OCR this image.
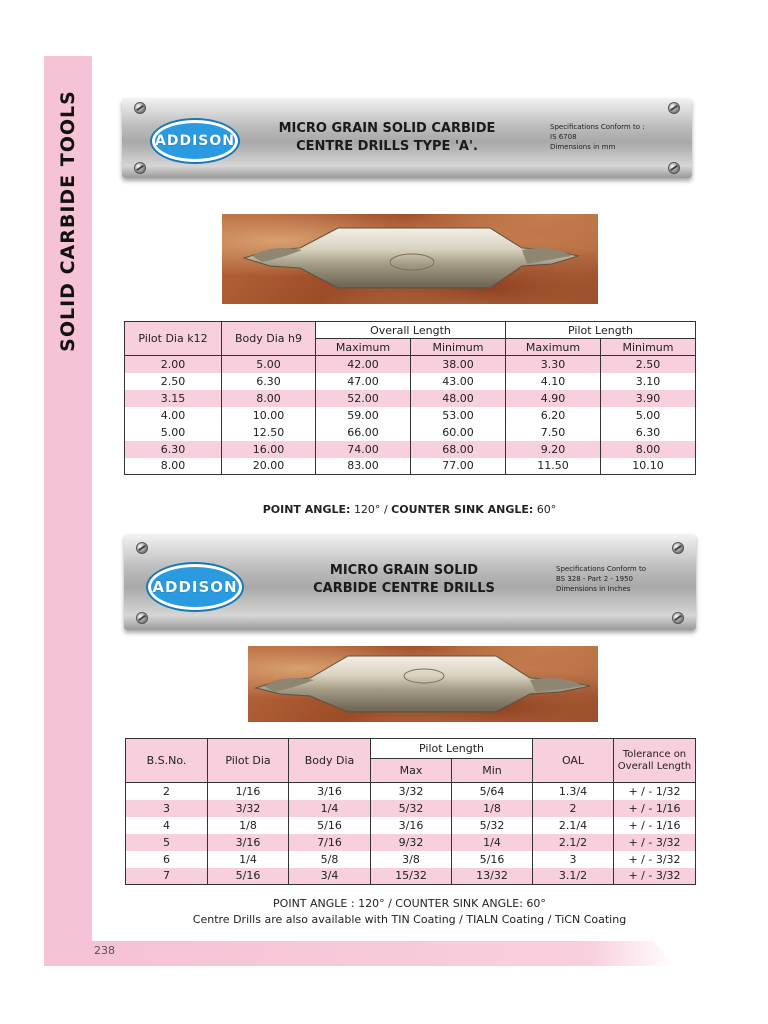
SOLID CARBIDE TOOLS
238
ADDISON
MICRO GRAIN SOLID CARBIDE
CENTRE DRILLS TYPE 'A'.
Specifications Conform to :
IS 6708
Dimensions in mm
Pilot Dia k12	Body Dia h9	Overall Length		Pilot Length	
		Maximum	Minimum	Maximum	Minimum
2.00	5.00	42.00	38.00	3.30	2.50
2.50	6.30	47.00	43.00	4.10	3.10
3.15	8.00	52.00	48.00	4.90	3.90
4.00	10.00	59.00	53.00	6.20	5.00
5.00	12.50	66.00	60.00	7.50	6.30
6.30	16.00	74.00	68.00	9.20	8.00
8.00	20.00	83.00	77.00	11.50	10.10
POINT ANGLE: 120° / COUNTER SINK ANGLE: 60°
ADDISON
MICRO GRAIN SOLID
CARBIDE CENTRE DRILLS
Specifications Conform to
BS 328 - Part 2 - 1950
Dimensions in Inches
B.S.No.	Pilot Dia	Body Dia	Pilot Length		OAL	Tolerance on Overall Length
			Max	Min		
2	1/16	3/16	3/32	5/64	1.3/4	+ / - 1/32
3	3/32	1/4	5/32	1/8	2	+ / - 1/16
4	1/8	5/16	3/16	5/32	2.1/4	+ / - 1/16
5	3/16	7/16	9/32	1/4	2.1/2	+ / - 3/32
6	1/4	5/8	3/8	5/16	3	+ / - 3/32
7	5/16	3/4	15/32	13/32	3.1/2	+ / - 3/32
POINT ANGLE : 120° / COUNTER SINK ANGLE: 60°
Centre Drills are also available with TIN Coating / TIALN Coating / TiCN Coating
